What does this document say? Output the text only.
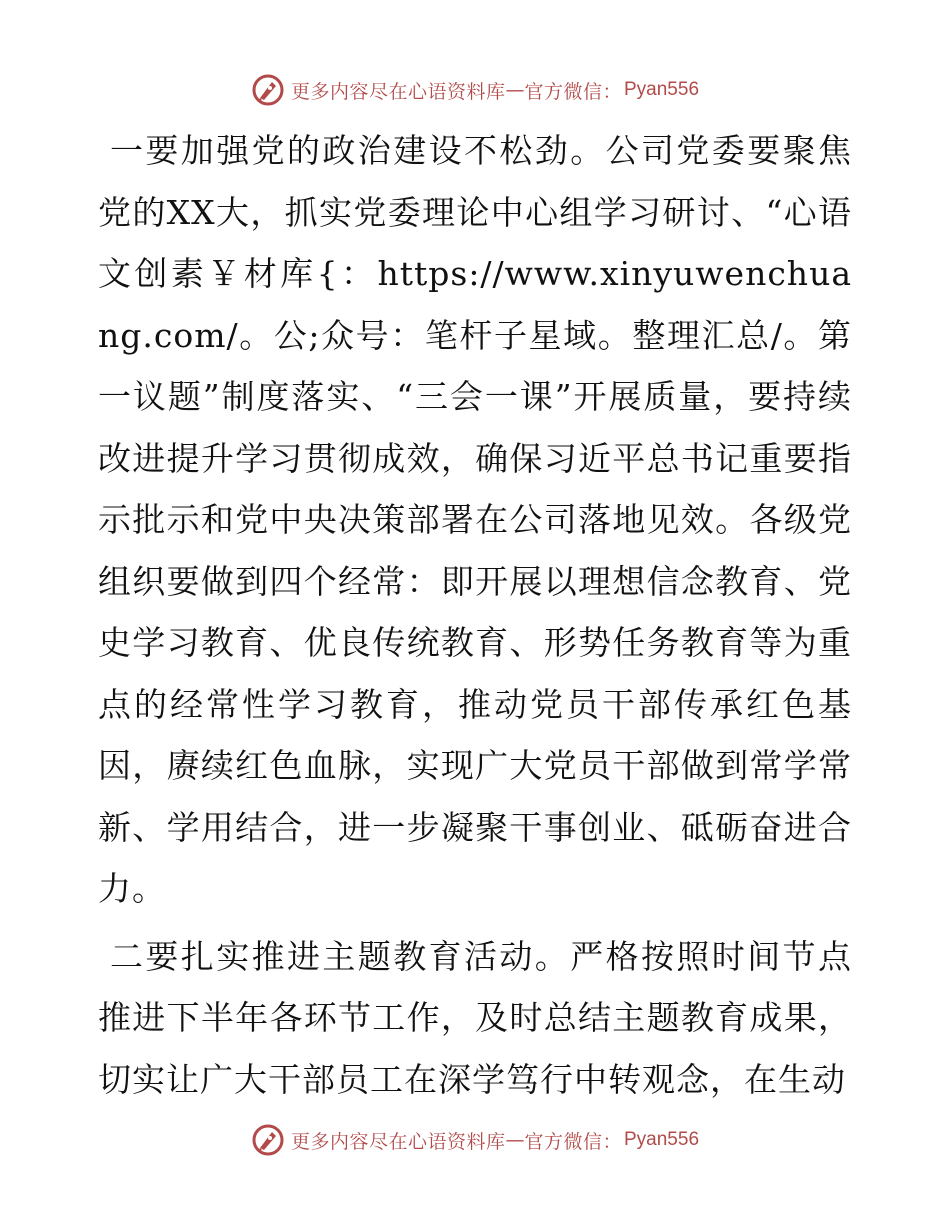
更多内容尽在心语资料库 — 官方微信： Pyan556

一要加强党的政治建设不松劲。公司党委要聚焦党的XX大，抓实党委理论中心组学习研讨、“心语文创素￥材库{：https://www.xinyuwenchuang.com/。公;众号：笔杆子星域。整理汇总/。第一议题”制度落实、“三会一课”开展质量，要持续改进提升学习贯彻成效，确保习近平总书记重要指示批示和党中央决策部署在公司落地见效。各级党组织要做到四个经常：即开展以理想信念教育、党史学习教育、优良传统教育、形势任务教育等为重点的经常性学习教育，推动党员干部传承红色基因，赓续红色血脉，实现广大党员干部做到常学常新、学用结合，进一步凝聚干事创业、砥砺奋进合力。

二要扎实推进主题教育活动。严格按照时间节点推进下半年各环节工作，及时总结主题教育成果，切实让广大干部员工在深学笃行中转观念，在生动

更多内容尽在心语资料库 — 官方微信： Pyan556
